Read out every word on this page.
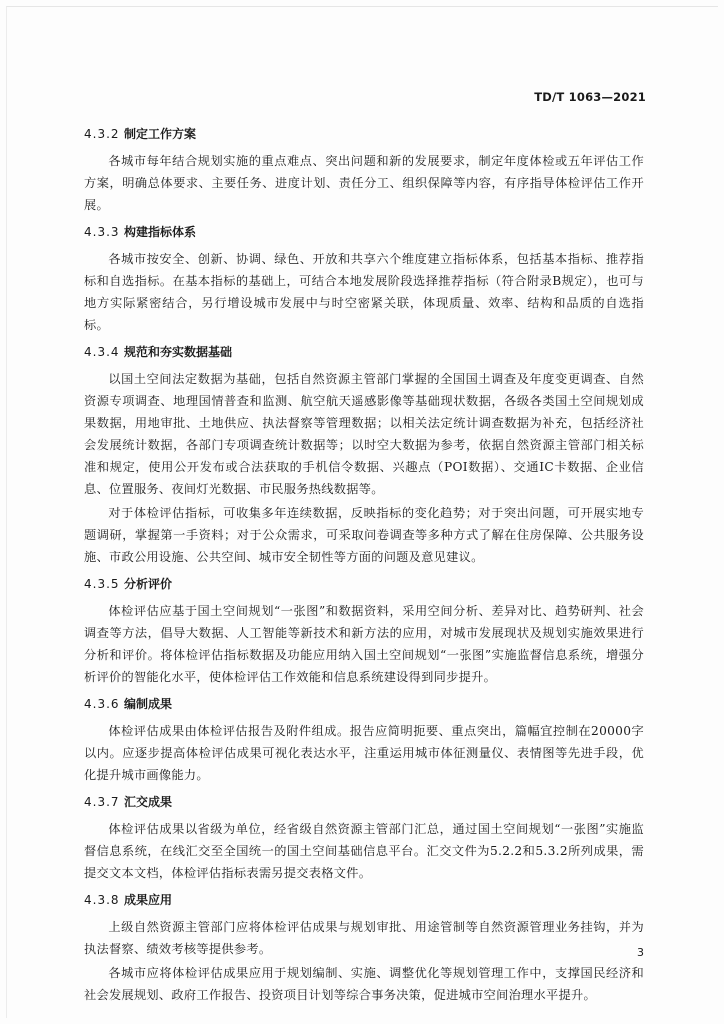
TD/T 1063—2021
4.3.2 制定工作方案

各城市每年结合规划实施的重点难点、突出问题和新的发展要求，制定年度体检或五年评估工作方案，明确总体要求、主要任务、进度计划、责任分工、组织保障等内容，有序指导体检评估工作开展。

4.3.3 构建指标体系

各城市按安全、创新、协调、绿色、开放和共享六个维度建立指标体系，包括基本指标、推荐指标和自选指标。在基本指标的基础上，可结合本地发展阶段选择推荐指标（符合附录B规定），也可与地方实际紧密结合，另行增设城市发展中与时空密紧关联，体现质量、效率、结构和品质的自选指标。

4.3.4 规范和夯实数据基础

以国土空间法定数据为基础，包括自然资源主管部门掌握的全国国土调查及年度变更调查、自然资源专项调查、地理国情普查和监测、航空航天遥感影像等基础现状数据，各级各类国土空间规划成果数据，用地审批、土地供应、执法督察等管理数据；以相关法定统计调查数据为补充，包括经济社会发展统计数据，各部门专项调查统计数据等；以时空大数据为参考，依据自然资源主管部门相关标准和规定，使用公开发布或合法获取的手机信令数据、兴趣点（POI数据）、交通IC卡数据、企业信息、位置服务、夜间灯光数据、市民服务热线数据等。

对于体检评估指标，可收集多年连续数据，反映指标的变化趋势；对于突出问题，可开展实地专题调研，掌握第一手资料；对于公众需求，可采取问卷调查等多种方式了解在住房保障、公共服务设施、市政公用设施、公共空间、城市安全韧性等方面的问题及意见建议。

4.3.5 分析评价

体检评估应基于国土空间规划“一张图”和数据资料，采用空间分析、差异对比、趋势研判、社会调查等方法，倡导大数据、人工智能等新技术和新方法的应用，对城市发展现状及规划实施效果进行分析和评价。将体检评估指标数据及功能应用纳入国土空间规划“一张图”实施监督信息系统，增强分析评价的智能化水平，使体检评估工作效能和信息系统建设得到同步提升。

4.3.6 编制成果

体检评估成果由体检评估报告及附件组成。报告应简明扼要、重点突出，篇幅宜控制在20000字以内。应逐步提高体检评估成果可视化表达水平，注重运用城市体征测量仪、表情图等先进手段，优化提升城市画像能力。

4.3.7 汇交成果

体检评估成果以省级为单位，经省级自然资源主管部门汇总，通过国土空间规划“一张图”实施监督信息系统，在线汇交至全国统一的国土空间基础信息平台。汇交文件为5.2.2和5.3.2所列成果，需提交文本文档，体检评估指标表需另提交表格文件。

4.3.8 成果应用

上级自然资源主管部门应将体检评估成果与规划审批、用途管制等自然资源管理业务挂钩，并为执法督察、绩效考核等提供参考。

各城市应将体检评估成果应用于规划编制、实施、调整优化等规划管理工作中，支撑国民经济和社会发展规划、政府工作报告、投资项目计划等综合事务决策，促进城市空间治理水平提升。

3
